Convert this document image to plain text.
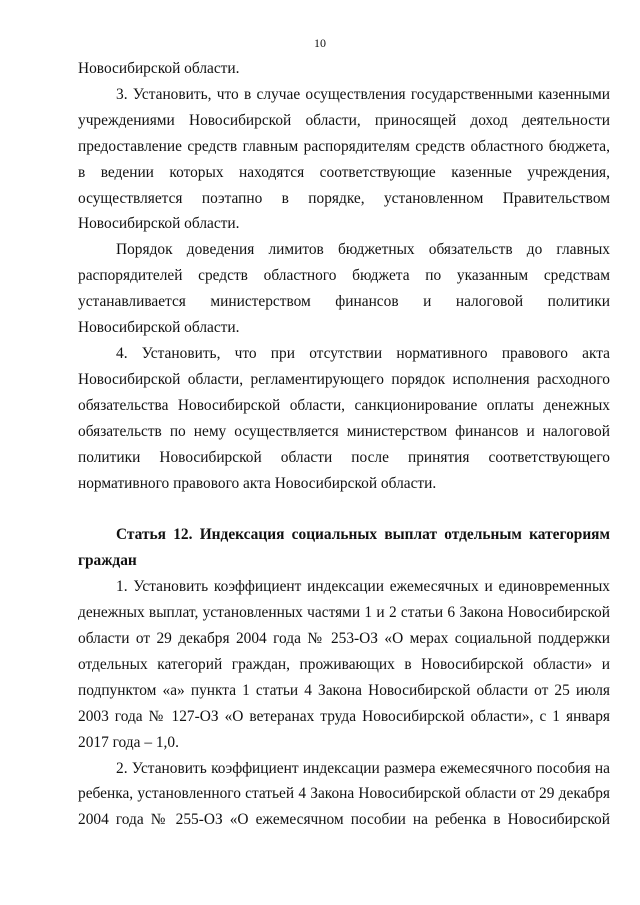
10

Новосибирской области.

3. Установить, что в случае осуществления государственными казенными учреждениями Новосибирской области, приносящей доход деятельности предоставление средств главным распорядителям средств областного бюджета, в ведении которых находятся соответствующие казенные учреждения, осуществляется поэтапно в порядке, установленном Правительством Новосибирской области.

Порядок доведения лимитов бюджетных обязательств до главных распорядителей средств областного бюджета по указанным средствам устанавливается министерством финансов и налоговой политики Новосибирской области.

4. Установить, что при отсутствии нормативного правового акта Новосибирской области, регламентирующего порядок исполнения расходного обязательства Новосибирской области, санкционирование оплаты денежных обязательств по нему осуществляется министерством финансов и налоговой политики Новосибирской области после принятия соответствующего нормативного правового акта Новосибирской области.

Статья 12. Индексация социальных выплат отдельным категориям граждан

1. Установить коэффициент индексации ежемесячных и единовременных денежных выплат, установленных частями 1 и 2 статьи 6 Закона Новосибирской области от 29 декабря 2004 года № 253-ОЗ «О мерах социальной поддержки отдельных категорий граждан, проживающих в Новосибирской области» и подпунктом «а» пункта 1 статьи 4 Закона Новосибирской области от 25 июля 2003 года № 127-ОЗ «О ветеранах труда Новосибирской области», с 1 января 2017 года – 1,0.

2. Установить коэффициент индексации размера ежемесячного пособия на ребенка, установленного статьей 4 Закона Новосибирской области от 29 декабря 2004 года № 255-ОЗ «О ежемесячном пособии на ребенка в Новосибирской
